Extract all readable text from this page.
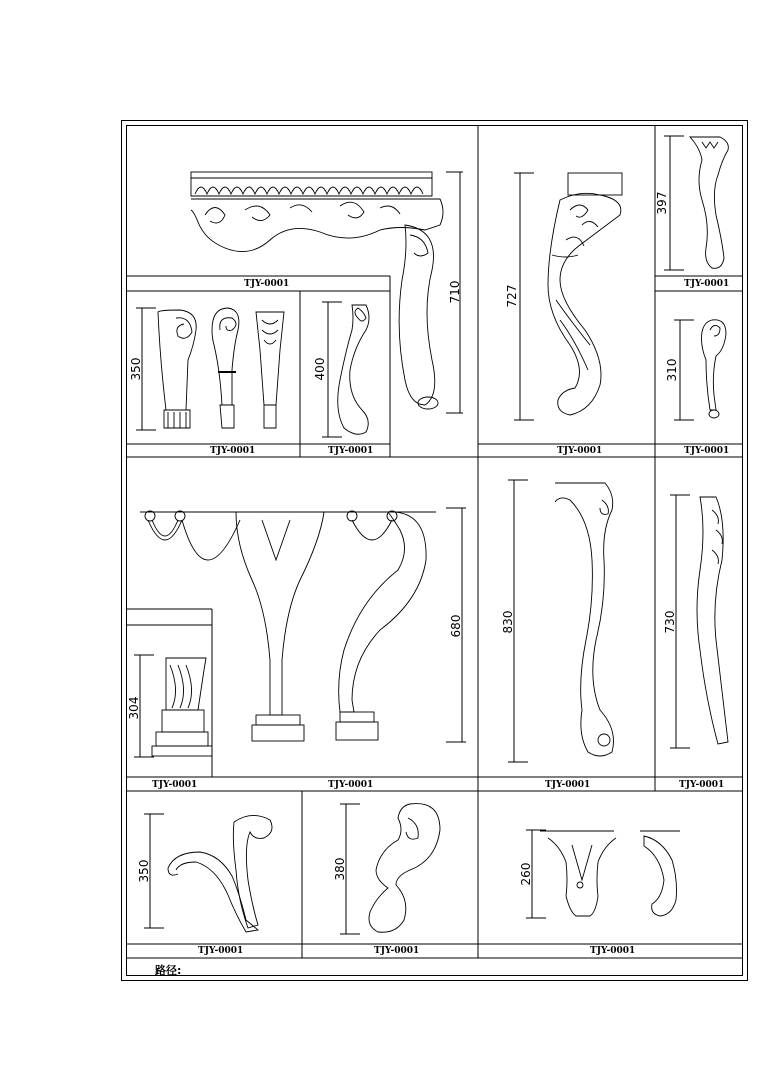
710
350	400
727
397
310
680
304
830	730
350	380	260
TJY-0001
TJY-0001	TJY-0001	TJY-0001
TJY-0001
TJY-0001
TJY-0001
TJY-0001	TJY-0001	TJY-0001
TJY-0001	TJY-0001	TJY-0001
路径:
